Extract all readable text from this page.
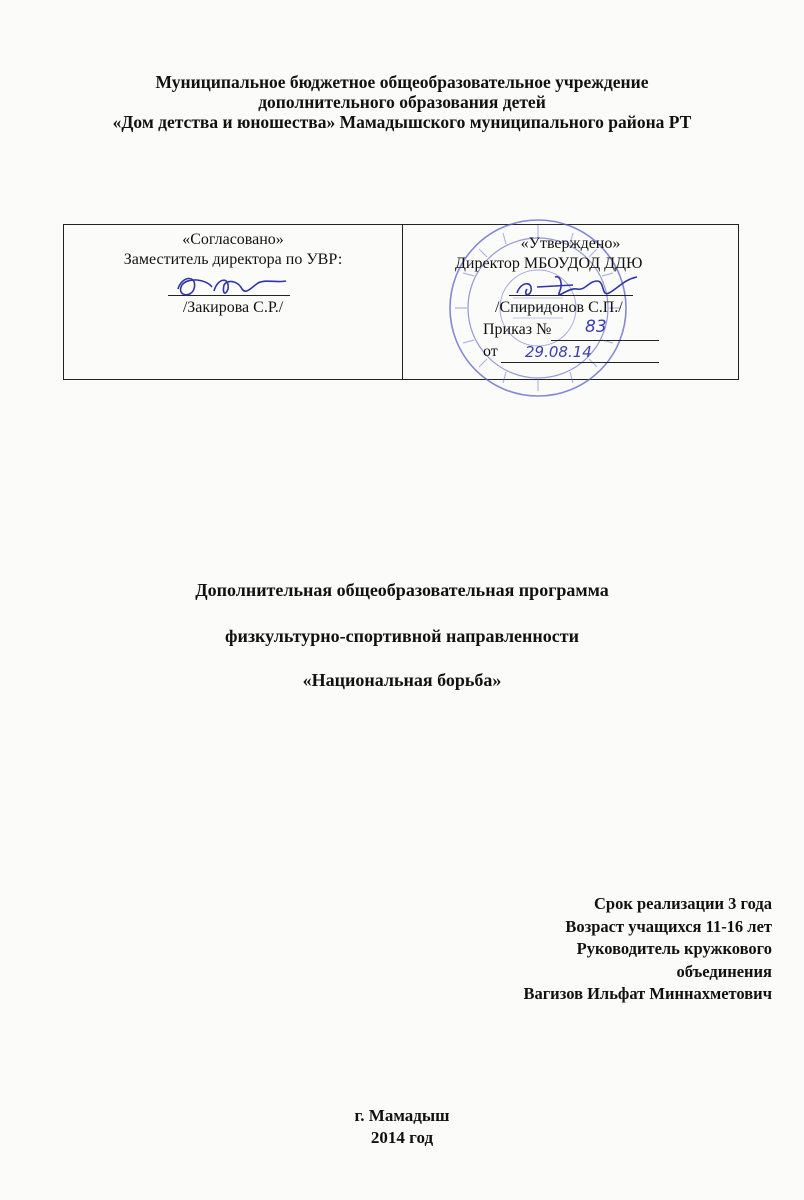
Муниципальное бюджетное общеобразовательное учреждение
дополнительного образования детей
«Дом детства и юношества» Мамадышского муниципального района РТ
«Согласовано»
Заместитель директора по УВР:
/Закирова С.Р./
«Утверждено»
Директор МБОУДОД ДДЮ
/Спиридонов С.П./
Приказ № 83
от 29.08.14
Дополнительная общеобразовательная программа
физкультурно-спортивной направленности
«Национальная борьба»
Срок реализации 3 года
Возраст учащихся 11-16 лет
Руководитель кружкового
объединения
Вагизов Ильфат Миннахметович
г. Мамадыш
2014 год
